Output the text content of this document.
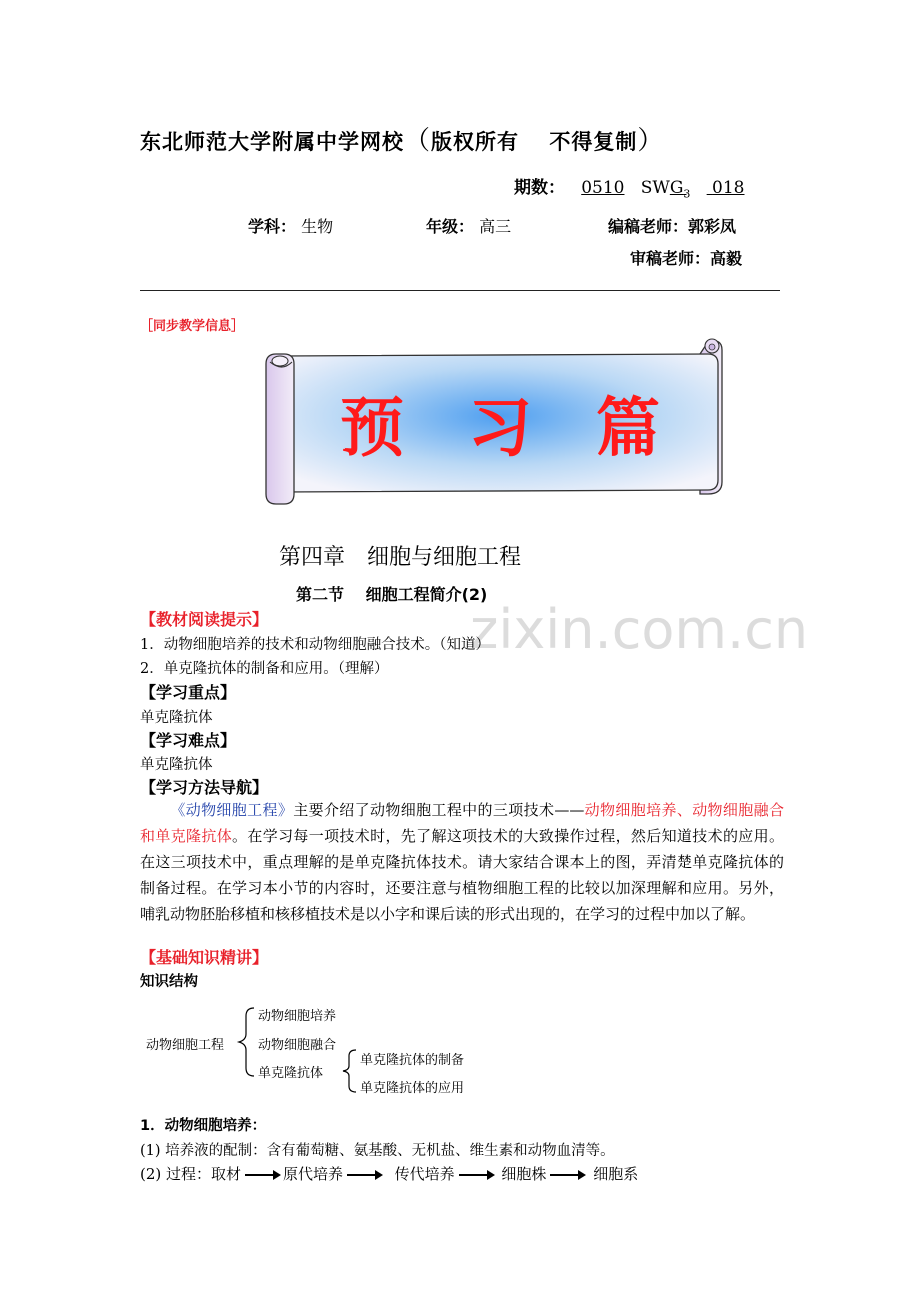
东北师范大学附属中学网校（版权所有　 不得复制）
期数： 0510 $SWG_3$ 018
学科： 生物	年级： 高三	编稿老师：郭彩凤
审稿老师：高毅
［同步教学信息］
预　习　篇
zixin.com.cn
第四章　细胞与细胞工程
第二节　 细胞工程简介(2)
【教材阅读提示】
1．动物细胞培养的技术和动物细胞融合技术。（知道）
2．单克隆抗体的制备和应用。（理解）
【学习重点】
单克隆抗体
【学习难点】
单克隆抗体
【学习方法导航】
  《动物细胞工程》主要介绍了动物细胞工程中的三项技术——动物细胞培养、动物细胞融合和单克隆抗体。在学习每一项技术时，先了解这项技术的大致操作过程，然后知道技术的应用。在这三项技术中，重点理解的是单克隆抗体技术。请大家结合课本上的图，弄清楚单克隆抗体的制备过程。在学习本小节的内容时，还要注意与植物细胞工程的比较以加深理解和应用。另外，哺乳动物胚胎移植和核移植技术是以小字和课后读的形式出现的，在学习的过程中加以了解。
【基础知识精讲】
知识结构
动物细胞工程
动物细胞培养
动物细胞融合
单克隆抗体
单克隆抗体的制备
单克隆抗体的应用
1．动物细胞培养：
(1) 培养液的配制：含有葡萄糖、氨基酸、无机盐、维生素和动物血清等。
(2) 过程：取材	原代培养	传代培养	细胞株	细胞系
